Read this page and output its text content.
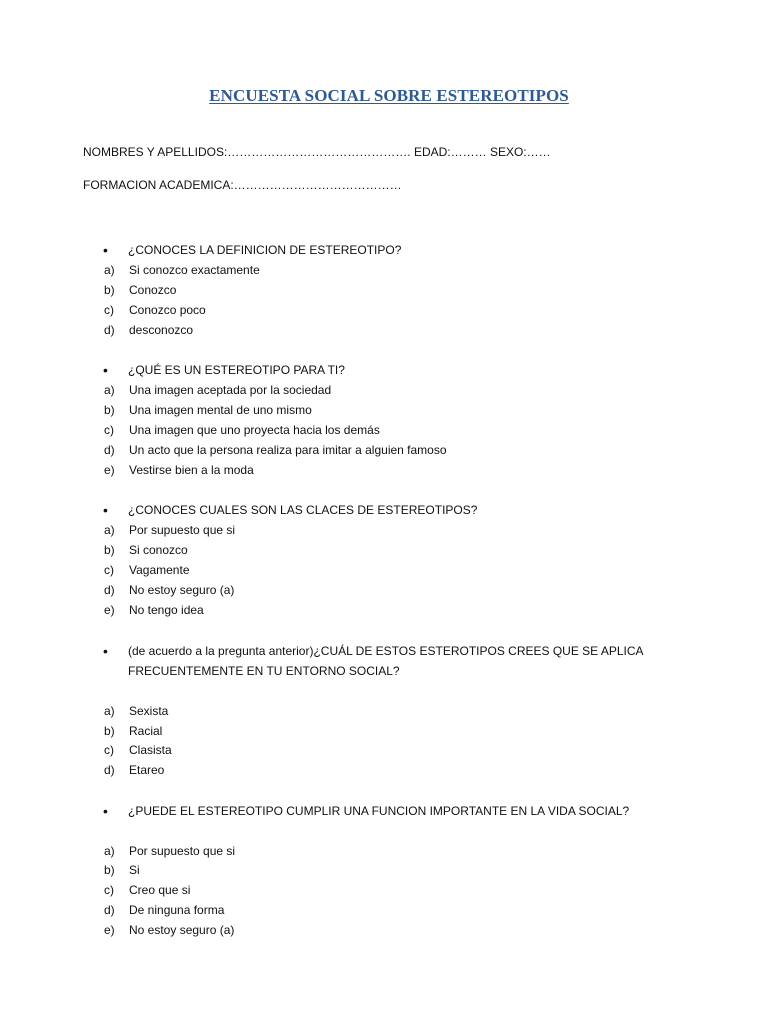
ENCUESTA SOCIAL SOBRE ESTEREOTIPOS
NOMBRES Y APELLIDOS:………………………………………. EDAD:……… SEXO:……
FORMACION ACADEMICA:……………………………………
• ¿CONOCES LA DEFINICION DE ESTEREOTIPO?
a) Si conozco exactamente
b) Conozco
c) Conozco poco
d) desconozco
• ¿QUÉ ES UN ESTEREOTIPO PARA TI?
a) Una imagen aceptada por la sociedad
b) Una imagen mental de uno mismo
c) Una imagen que uno proyecta hacia los demás
d) Un acto que la persona realiza para imitar a alguien famoso
e) Vestirse bien a la moda
• ¿CONOCES CUALES SON LAS CLACES DE ESTEREOTIPOS?
a) Por supuesto que si
b) Si conozco
c) Vagamente
d) No estoy seguro (a)
e) No tengo idea
• (de acuerdo a la pregunta anterior)¿CUÁL DE ESTOS ESTEROTIPOS CREES QUE SE APLICA FRECUENTEMENTE EN TU ENTORNO SOCIAL?
a) Sexista
b) Racial
c) Clasista
d) Etareo
• ¿PUEDE EL ESTEREOTIPO CUMPLIR UNA FUNCION IMPORTANTE EN LA VIDA SOCIAL?
a) Por supuesto que si
b) Si
c) Creo que si
d) De ninguna forma
e) No estoy seguro (a)
